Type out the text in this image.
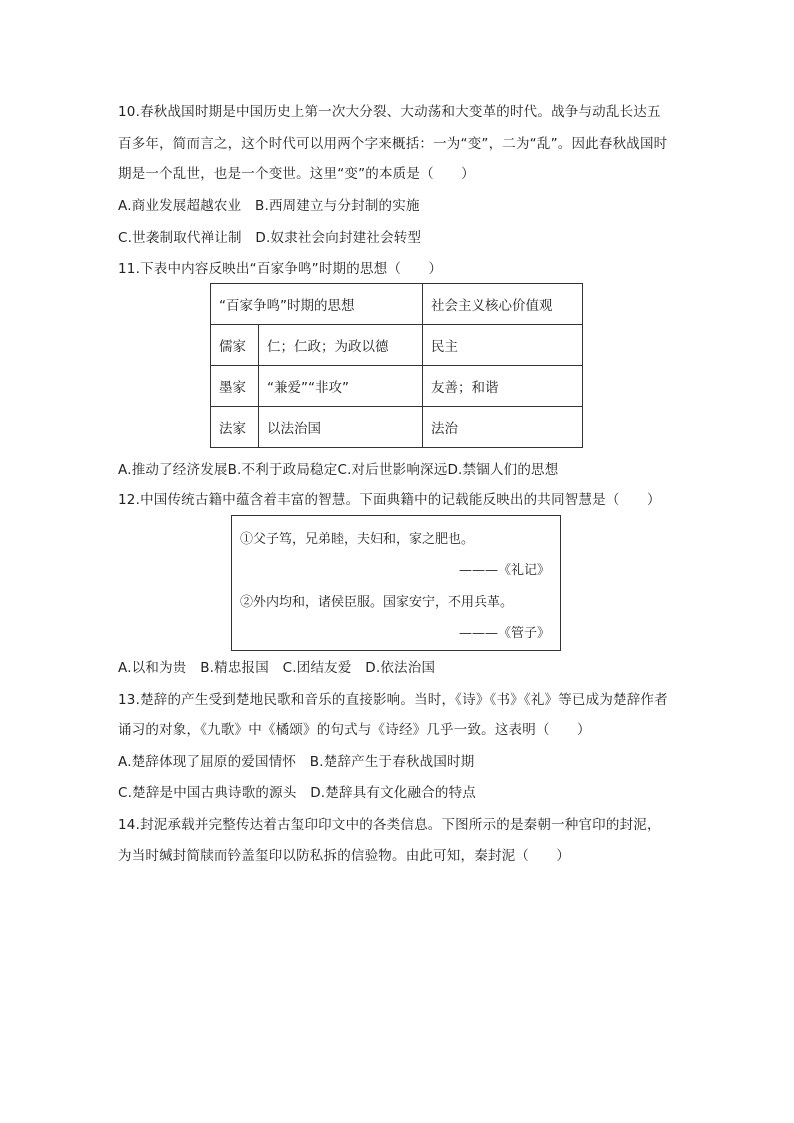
10.春秋战国时期是中国历史上第一次大分裂、大动荡和大变革的时代。战争与动乱长达五
百多年，简而言之，这个时代可以用两个字来概括：一为“变”，二为“乱”。因此春秋战国时
期是一个乱世，也是一个变世。这里“变”的本质是（　　）
A.商业发展超越农业　B.西周建立与分封制的实施
C.世袭制取代禅让制　D.奴隶社会向封建社会转型
11.下表中内容反映出“百家争鸣”时期的思想（　　）
“百家争鸣”时期的思想		社会主义核心价值观
儒家	仁；仁政；为政以德	民主
墨家	“兼爱”“非攻”	友善；和谐
法家	以法治国	法治
A.推动了经济发展B.不利于政局稳定C.对后世影响深远D.禁锢人们的思想
12.中国传统古籍中蕴含着丰富的智慧。下面典籍中的记载能反映出的共同智慧是（　　）
①父子笃，兄弟睦，夫妇和，家之肥也。
———《礼记》
②外内均和，诸侯臣服。国家安宁，不用兵革。
———《管子》
A.以和为贵　B.精忠报国　C.团结友爱　D.依法治国
13.楚辞的产生受到楚地民歌和音乐的直接影响。当时，《诗》《书》《礼》等已成为楚辞作者
诵习的对象，《九歌》中《橘颂》的句式与《诗经》几乎一致。这表明（　　）
A.楚辞体现了屈原的爱国情怀　B.楚辞产生于春秋战国时期
C.楚辞是中国古典诗歌的源头　D.楚辞具有文化融合的特点
14.封泥承载并完整传达着古玺印印文中的各类信息。下图所示的是秦朝一种官印的封泥，
为当时缄封简牍而钤盖玺印以防私拆的信验物。由此可知，秦封泥（　　）
